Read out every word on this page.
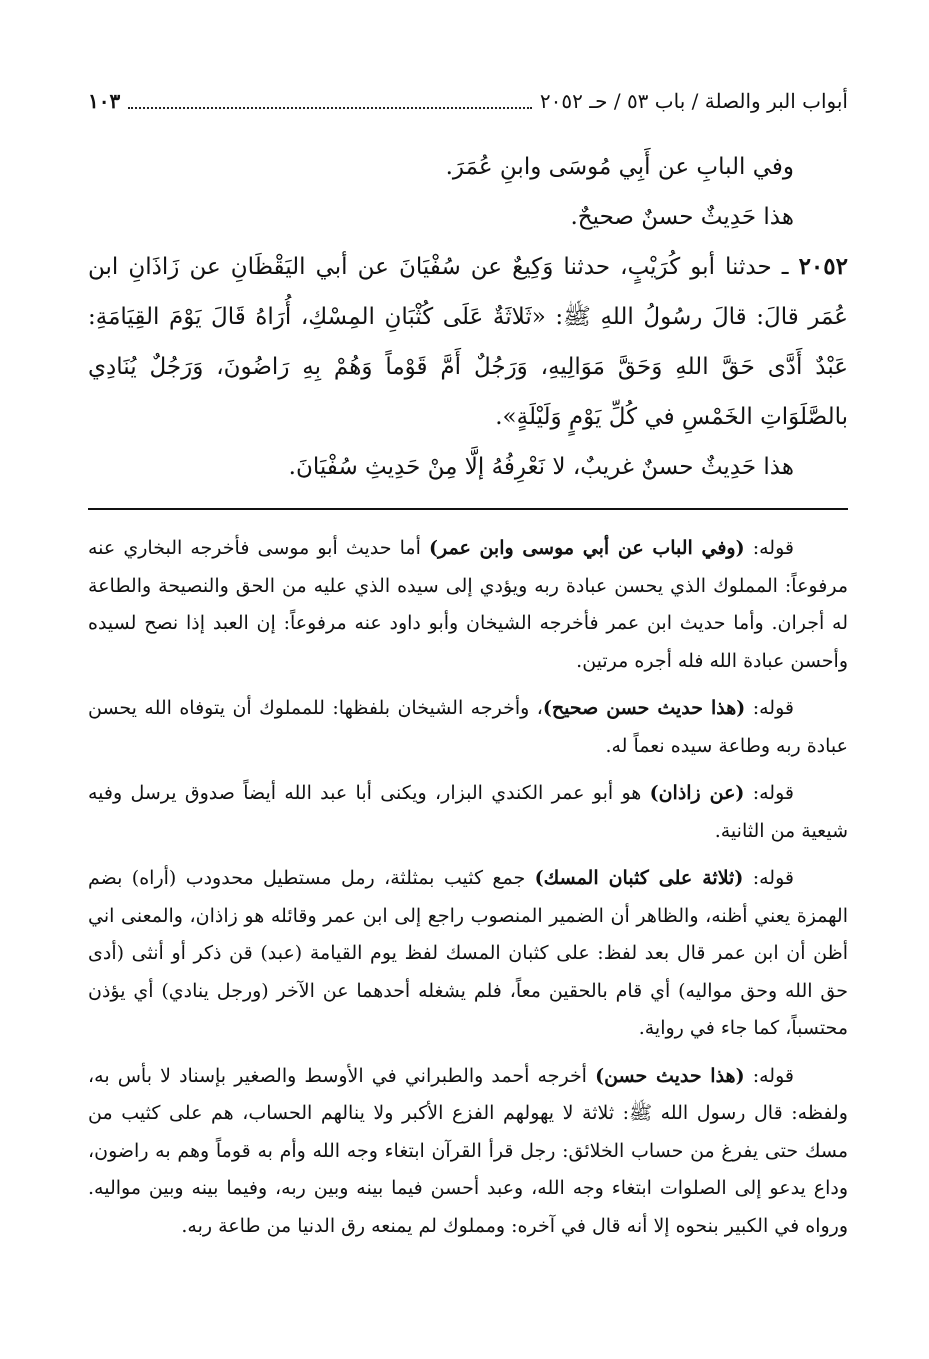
أبواب البر والصلة / باب ٥٣ / حـ ٢٠٥٢
١٠٣

وفي البابِ عن أَبِي مُوسَى وابنِ عُمَرَ.

هذا حَدِيثٌ حسنٌ صحيحٌ.

٢٠٥٢ ـ حدثنا أبو كُرَيْبٍ، حدثنا وَكِيعٌ عن سُفْيَانَ عن أبي اليَقْظَانِ عن زَاذَانِ ابن عُمَر قالَ: قالَ رسُولُ اللهِ ﷺ: «ثَلاثَةٌ عَلَى كُثْبَانِ المِسْكِ، أُرَاهُ قَالَ يَوْمَ القِيَامَةِ: عَبْدٌ أَدَّى حَقَّ اللهِ وَحَقَّ مَوَالِيهِ، وَرَجُلٌ أَمَّ قَوْماً وَهُمْ بِهِ رَاضُونَ، وَرَجُلٌ يُنَادِي بالصَّلَوَاتِ الخَمْسِ في كُلِّ يَوْمٍ وَلَيْلَةٍ».

هذا حَدِيثٌ حسنٌ غريبٌ، لا نَعْرِفُهُ إلَّا مِنْ حَدِيثِ سُفْيَانَ.

قوله: (وفي الباب عن أبي موسى وابن عمر) أما حديث أبو موسى فأخرجه البخاري عنه مرفوعاً: المملوك الذي يحسن عبادة ربه ويؤدي إلى سيده الذي عليه من الحق والنصيحة والطاعة له أجران. وأما حديث ابن عمر فأخرجه الشيخان وأبو داود عنه مرفوعاً: إن العبد إذا نصح لسيده وأحسن عبادة الله فله أجره مرتين.

قوله: (هذا حديث حسن صحيح)، وأخرجه الشيخان بلفظها: للمملوك أن يتوفاه الله يحسن عبادة ربه وطاعة سيده نعماً له.

قوله: (عن زاذان) هو أبو عمر الكندي البزار، ويكنى أبا عبد الله أيضاً صدوق يرسل وفيه شيعية من الثانية.

قوله: (ثلاثة على كثبان المسك) جمع كثيب بمثلثة، رمل مستطيل محدودب (أراه) بضم الهمزة يعني أظنه، والظاهر أن الضمير المنصوب راجع إلى ابن عمر وقائله هو زاذان، والمعنى اني أظن أن ابن عمر قال بعد لفظ: على كثبان المسك لفظ يوم القيامة (عبد) قن ذكر أو أنثى (أدى حق الله وحق مواليه) أي قام بالحقين معاً، فلم يشغله أحدهما عن الآخر (ورجل ينادي) أي يؤذن محتسباً، كما جاء في رواية.

قوله: (هذا حديث حسن) أخرجه أحمد والطبراني في الأوسط والصغير بإسناد لا بأس به، ولفظه: قال رسول الله ﷺ: ثلاثة لا يهولهم الفزع الأكبر ولا ينالهم الحساب، هم على كثيب من مسك حتى يفرغ من حساب الخلائق: رجل قرأ القرآن ابتغاء وجه الله وأم به قوماً وهم به راضون، وداع يدعو إلى الصلوات ابتغاء وجه الله، وعبد أحسن فيما بينه وبين ربه، وفيما بينه وبين مواليه. ورواه في الكبير بنحوه إلا أنه قال في آخره: ومملوك لم يمنعه رق الدنيا من طاعة ربه.
